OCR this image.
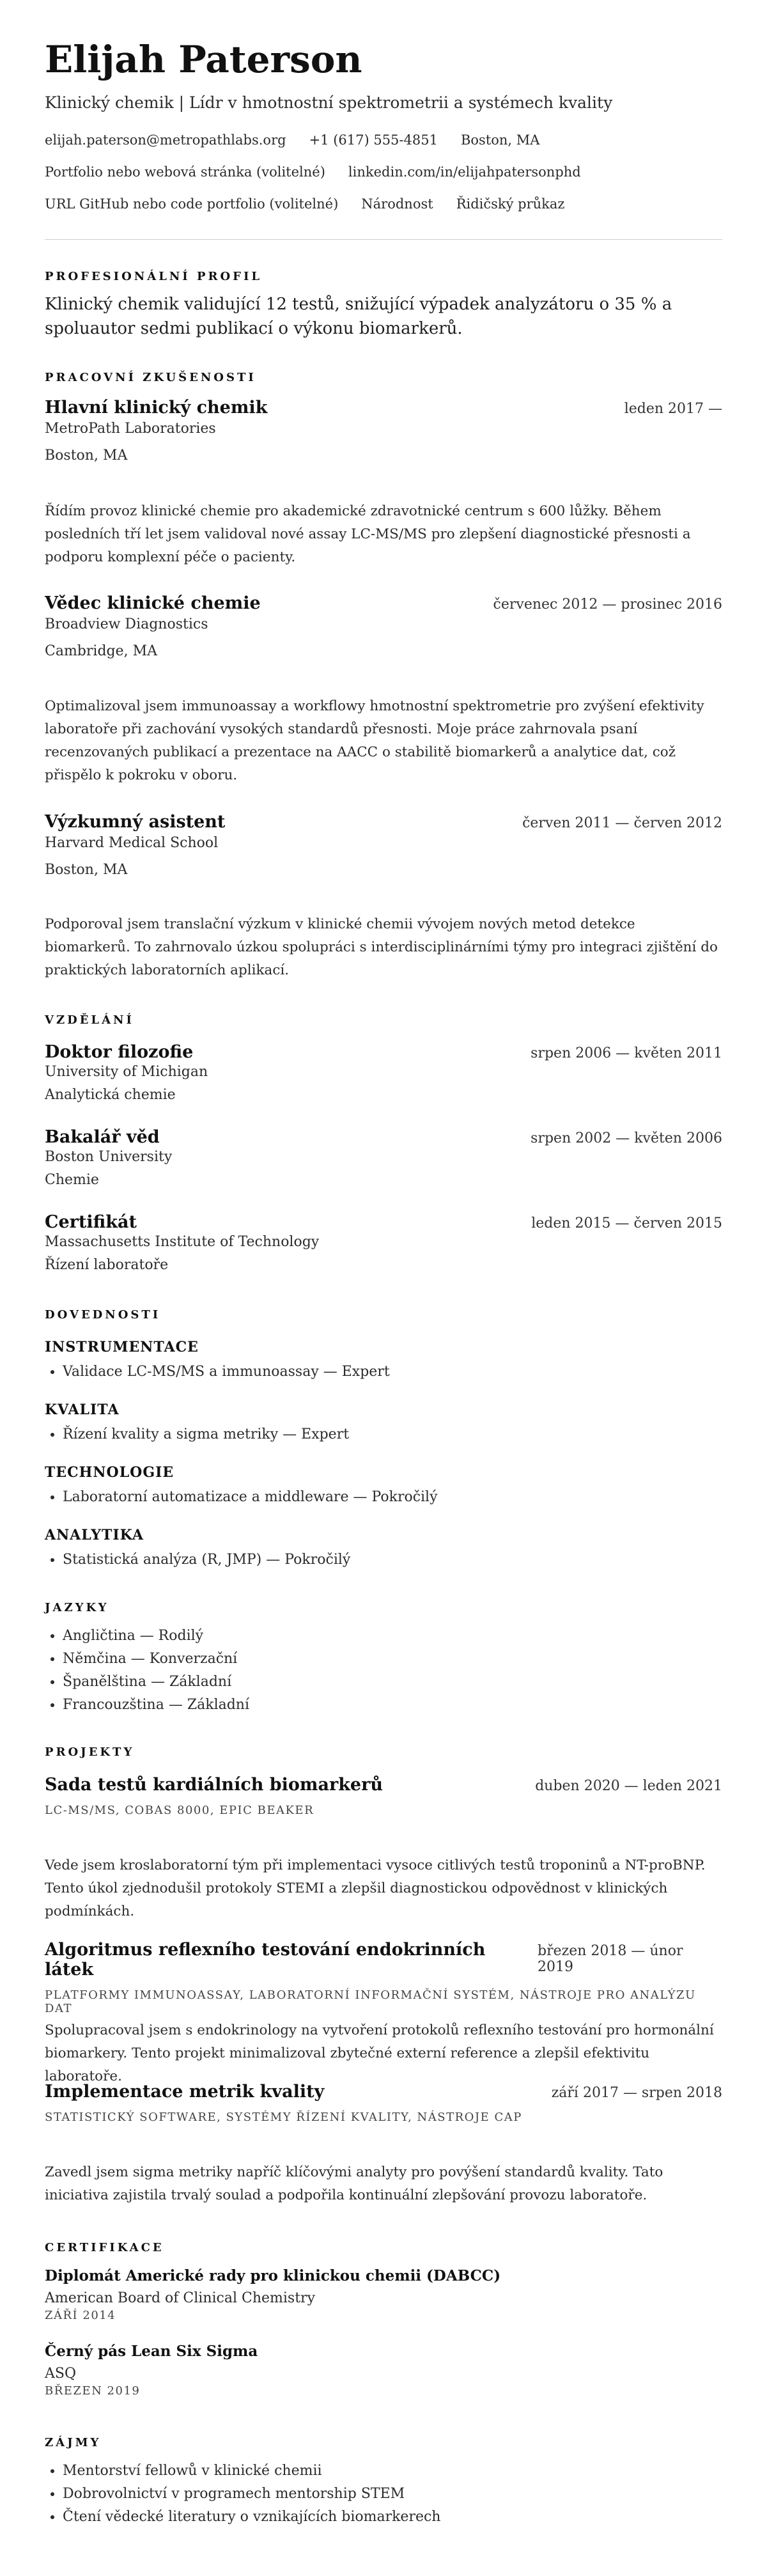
Elijah Paterson
Klinický chemik | Lídr v hmotnostní spektrometrii a systémech kvality
elijah.paterson@metropathlabs.org +1 (617) 555-4851 Boston, MA
Portfolio nebo webová stránka (volitelné) linkedin.com/in/elijahpatersonphd
URL GitHub nebo code portfolio (volitelné) Národnost Řidičský průkaz
PROFESIONÁLNÍ PROFIL
Klinický chemik validující 12 testů, snižující výpadek analyzátoru o 35 % a spoluautor sedmi publikací o výkonu biomarkerů.
PRACOVNÍ ZKUŠENOSTI
Hlavní klinický chemik	leden 2017 —
MetroPath Laboratories
Boston, MA
Řídím provoz klinické chemie pro akademické zdravotnické centrum s 600 lůžky. Během posledních tří let jsem validoval nové assay LC-MS/MS pro zlepšení diagnostické přesnosti a podporu komplexní péče o pacienty.
Vědec klinické chemie	červenec 2012 — prosinec 2016
Broadview Diagnostics
Cambridge, MA
Optimalizoval jsem immunoassay a workflowy hmotnostní spektrometrie pro zvýšení efektivity laboratoře při zachování vysokých standardů přesnosti. Moje práce zahrnovala psaní recenzovaných publikací a prezentace na AACC o stabilitě biomarkerů a analytice dat, což přispělo k pokroku v oboru.
Výzkumný asistent	červen 2011 — červen 2012
Harvard Medical School
Boston, MA
Podporoval jsem translační výzkum v klinické chemii vývojem nových metod detekce biomarkerů. To zahrnovalo úzkou spolupráci s interdisciplinárními týmy pro integraci zjištění do praktických laboratorních aplikací.
VZDĚLÁNÍ
Doktor filozofie	srpen 2006 — květen 2011
University of Michigan
Analytická chemie
Bakalář věd	srpen 2002 — květen 2006
Boston University
Chemie
Certifikát	leden 2015 — červen 2015
Massachusetts Institute of Technology
Řízení laboratoře
DOVEDNOSTI
INSTRUMENTACE
• Validace LC-MS/MS a immunoassay — Expert
KVALITA
• Řízení kvality a sigma metriky — Expert
TECHNOLOGIE
• Laboratorní automatizace a middleware — Pokročilý
ANALYTIKA
• Statistická analýza (R, JMP) — Pokročilý
JAZYKY
• Angličtina — Rodilý
• Němčina — Konverzační
• Španělština — Základní
• Francouzština — Základní
PROJEKTY
Sada testů kardiálních biomarkerů	duben 2020 — leden 2021
LC-MS/MS, COBAS 8000, EPIC BEAKER
Vede jsem kroslaboratorní tým při implementaci vysoce citlivých testů troponinů a NT-proBNP. Tento úkol zjednodušil protokoly STEMI a zlepšil diagnostickou odpovědnost v klinických podmínkách.
Algoritmus reflexního testování endokrinních látek
březen 2018 — únor 2019
PLATFORMY IMMUNOASSAY, LABORATORNÍ INFORMAČNÍ SYSTÉM, NÁSTROJE PRO ANALÝZU DAT
Spolupracoval jsem s endokrinology na vytvoření protokolů reflexního testování pro hormonální biomarkery. Tento projekt minimalizoval zbytečné externí reference a zlepšil efektivitu laboratoře.
Implementace metrik kvality	září 2017 — srpen 2018
STATISTICKÝ SOFTWARE, SYSTÉMY ŘÍZENÍ KVALITY, NÁSTROJE CAP
Zavedl jsem sigma metriky napříč klíčovými analyty pro povýšení standardů kvality. Tato iniciativa zajistila trvalý soulad a podpořila kontinuální zlepšování provozu laboratoře.
CERTIFIKACE
Diplomát Americké rady pro klinickou chemii (DABCC)
American Board of Clinical Chemistry
ZÁŘÍ 2014
Černý pás Lean Six Sigma
ASQ
BŘEZEN 2019
ZÁJMY
• Mentorství fellowů v klinické chemii
• Dobrovolnictví v programech mentorship STEM
• Čtení vědecké literatury o vznikajících biomarkerech
